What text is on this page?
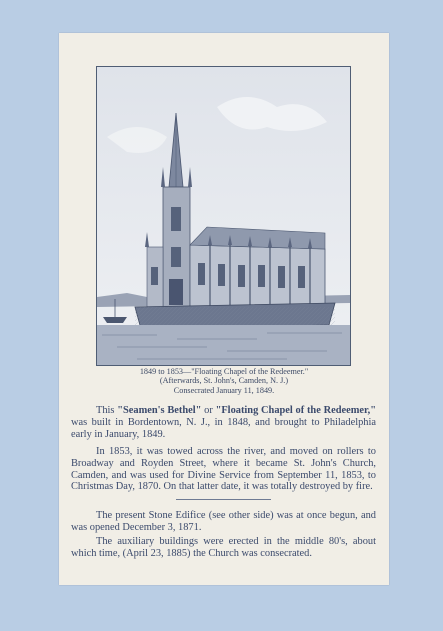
1849 to 1853—"Floating Chapel of the Redeemer."
(Afterwards, St. John's, Camden, N. J.)
Consecrated January 11, 1849.

This "Seamen's Bethel" or "Floating Chapel of the Redeemer," was built in Bordentown, N. J., in 1848, and brought to Philadelphia early in January, 1849.

In 1853, it was towed across the river, and moved on rollers to Broadway and Royden Street, where it became St. John's Church, Camden, and was used for Divine Service from September 11, 1853, to Christmas Day, 1870. On that latter date, it was totally destroyed by fire.

The present Stone Edifice (see other side) was at once begun, and was opened December 3, 1871.

The auxiliary buildings were erected in the middle 80's, about which time, (April 23, 1885) the Church was consecrated.
